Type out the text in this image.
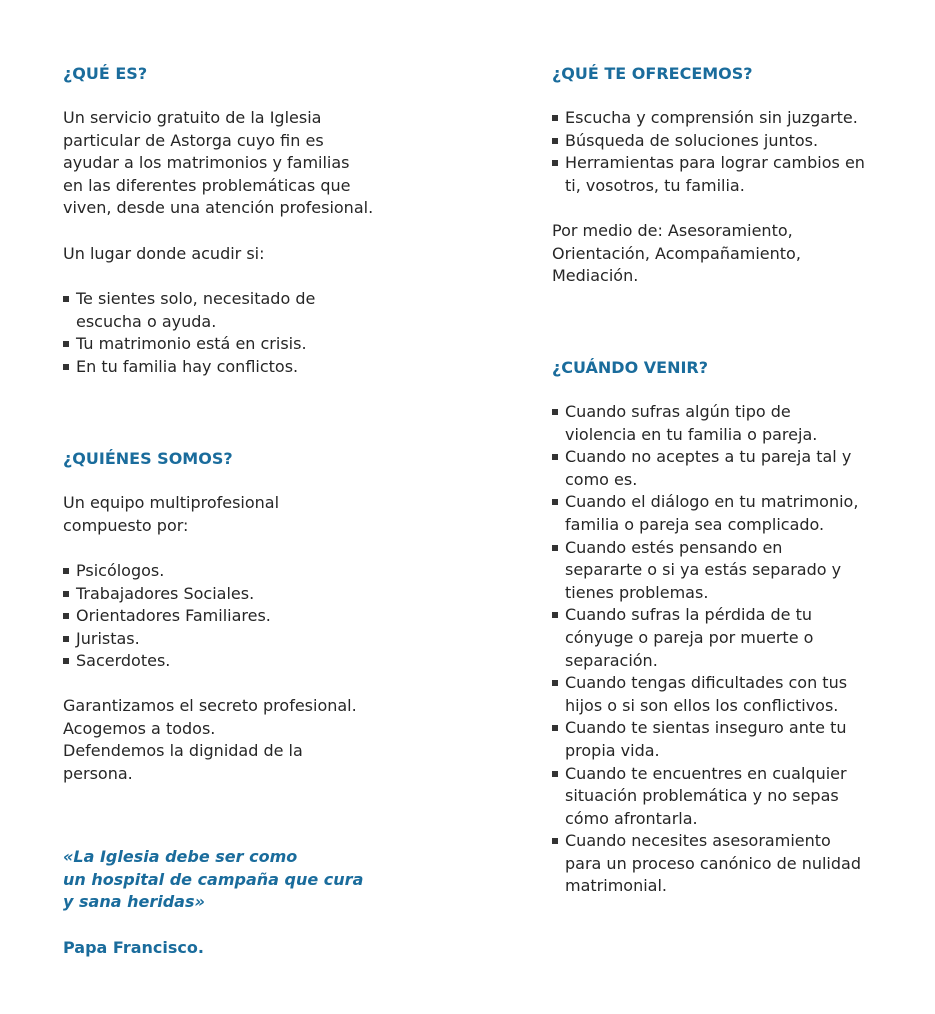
¿QUÉ ES?
Un servicio gratuito de la Iglesia
particular de Astorga cuyo fin es
ayudar a los matrimonios y familias
en las diferentes problemáticas que
viven, desde una atención profesional.

Un lugar donde acudir si:

Te sientes solo, necesitado de
escucha o ayuda.
Tu matrimonio está en crisis.
En tu familia hay conflictos.
¿QUIÉNES SOMOS?
Un equipo multiprofesional
compuesto por:
Psicólogos.
Trabajadores Sociales.
Orientadores Familiares.
Juristas.
Sacerdotes.
Garantizamos el secreto profesional.
Acogemos a todos.
Defendemos la dignidad de la
persona.
«La Iglesia debe ser como
un hospital de campaña que cura
y sana heridas»

Papa Francisco.

¿QUÉ TE OFRECEMOS?
Escucha y comprensión sin juzgarte.
Búsqueda de soluciones juntos.
Herramientas para lograr cambios en
ti, vosotros, tu familia.
Por medio de: Asesoramiento,
Orientación, Acompañamiento,
Mediación.
¿CUÁNDO VENIR?
Cuando sufras algún tipo de
violencia en tu familia o pareja.
Cuando no aceptes a tu pareja tal y
como es.
Cuando el diálogo en tu matrimonio,
familia o pareja sea complicado.
Cuando estés pensando en
separarte o si ya estás separado y
tienes problemas.
Cuando sufras la pérdida de tu
cónyuge o pareja por muerte o
separación.
Cuando tengas dificultades con tus
hijos o si son ellos los conflictivos.
Cuando te sientas inseguro ante tu
propia vida.
Cuando te encuentres en cualquier
situación problemática y no sepas
cómo afrontarla.
Cuando necesites asesoramiento
para un proceso canónico de nulidad
matrimonial.
